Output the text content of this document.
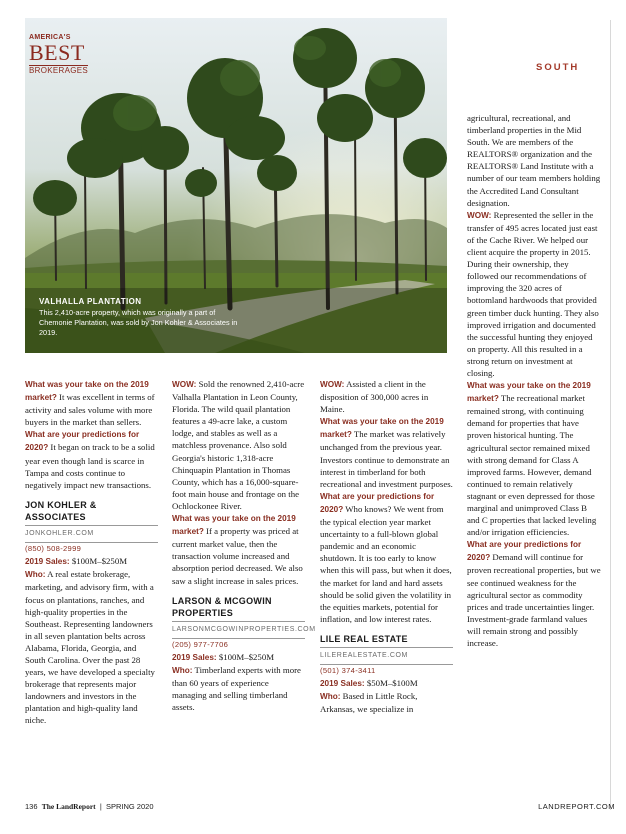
AMERICA'S
BEST
BROKERAGES
VALHALLA PLANTATION
This 2,410-acre property, which was originally a part of Chemonie Plantation, was sold by Jon Kohler & Associates in 2019.
SOUTH

What was your take on the 2019 market? It was excellent in terms of activity and sales volume with more buyers in the market than sellers.

What are your predictions for 2020? It began on track to be a solid year even though land is scarce in Tampa and costs continue to negatively impact new transactions.

JON KOHLER & ASSOCIATES
JONKOHLER.COM
(850) 508-2999

2019 Sales: $100M–$250M

Who: A real estate brokerage, marketing, and advisory firm, with a focus on plantations, ranches, and high-quality properties in the Southeast. Representing landowners in all seven plantation belts across Alabama, Florida, Georgia, and South Carolina. Over the past 28 years, we have developed a specialty brokerage that represents major landowners and investors in the plantation and high-quality land niche.

WOW: Sold the renowned 2,410-acre Valhalla Plantation in Leon County, Florida. The wild quail plantation features a 49-acre lake, a custom lodge, and stables as well as a matchless provenance. Also sold Georgia's historic 1,318-acre Chinquapin Plantation in Thomas County, which has a 16,000-square-foot main house and frontage on the Ochlockonee River.

What was your take on the 2019 market? If a property was priced at current market value, then the transaction volume increased and absorption period decreased. We also saw a slight increase in sales prices.

LARSON & MCGOWIN PROPERTIES
LARSONMCGOWINPROPERTIES.COM
(205) 977-7706

2019 Sales: $100M–$250M

Who: Timberland experts with more than 60 years of experience managing and selling timberland assets.

WOW: Assisted a client in the disposition of 300,000 acres in Maine.

What was your take on the 2019 market? The market was relatively unchanged from the previous year. Investors continue to demonstrate an interest in timberland for both recreational and investment purposes.

What are your predictions for 2020? Who knows? We went from the typical election year market uncertainty to a full-blown global pandemic and an economic shutdown. It is too early to know when this will pass, but when it does, the market for land and hard assets should be solid given the volatility in the equities markets, potential for inflation, and low interest rates.

LILE REAL ESTATE
LILEREALESTATE.COM
(501) 374-3411

2019 Sales: $50M–$100M

Who: Based in Little Rock, Arkansas, we specialize in

agricultural, recreational, and timberland properties in the Mid South. We are members of the REALTORS® organization and the REALTORS® Land Institute with a number of our team members holding the Accredited Land Consultant designation.

WOW: Represented the seller in the transfer of 495 acres located just east of the Cache River. We helped our client acquire the property in 2015. During their ownership, they followed our recommendations of improving the 320 acres of bottomland hardwoods that provided green timber duck hunting. They also improved irrigation and documented the successful hunting they enjoyed on property. All this resulted in a strong return on investment at closing.

What was your take on the 2019 market? The recreational market remained strong, with continuing demand for properties that have proven historical hunting. The agricultural sector remained mixed with strong demand for Class A improved farms. However, demand continued to remain relatively stagnant or even depressed for those marginal and unimproved Class B and C properties that lacked leveling and/or irrigation efficiencies.

What are your predictions for 2020? Demand will continue for proven recreational properties, but we see continued weakness for the agricultural sector as commodity prices and trade uncertainties linger. Investment-grade farmland values will remain strong and possibly increase.

136 The LandReport  |  SPRING 2020	LANDREPORT.COM
